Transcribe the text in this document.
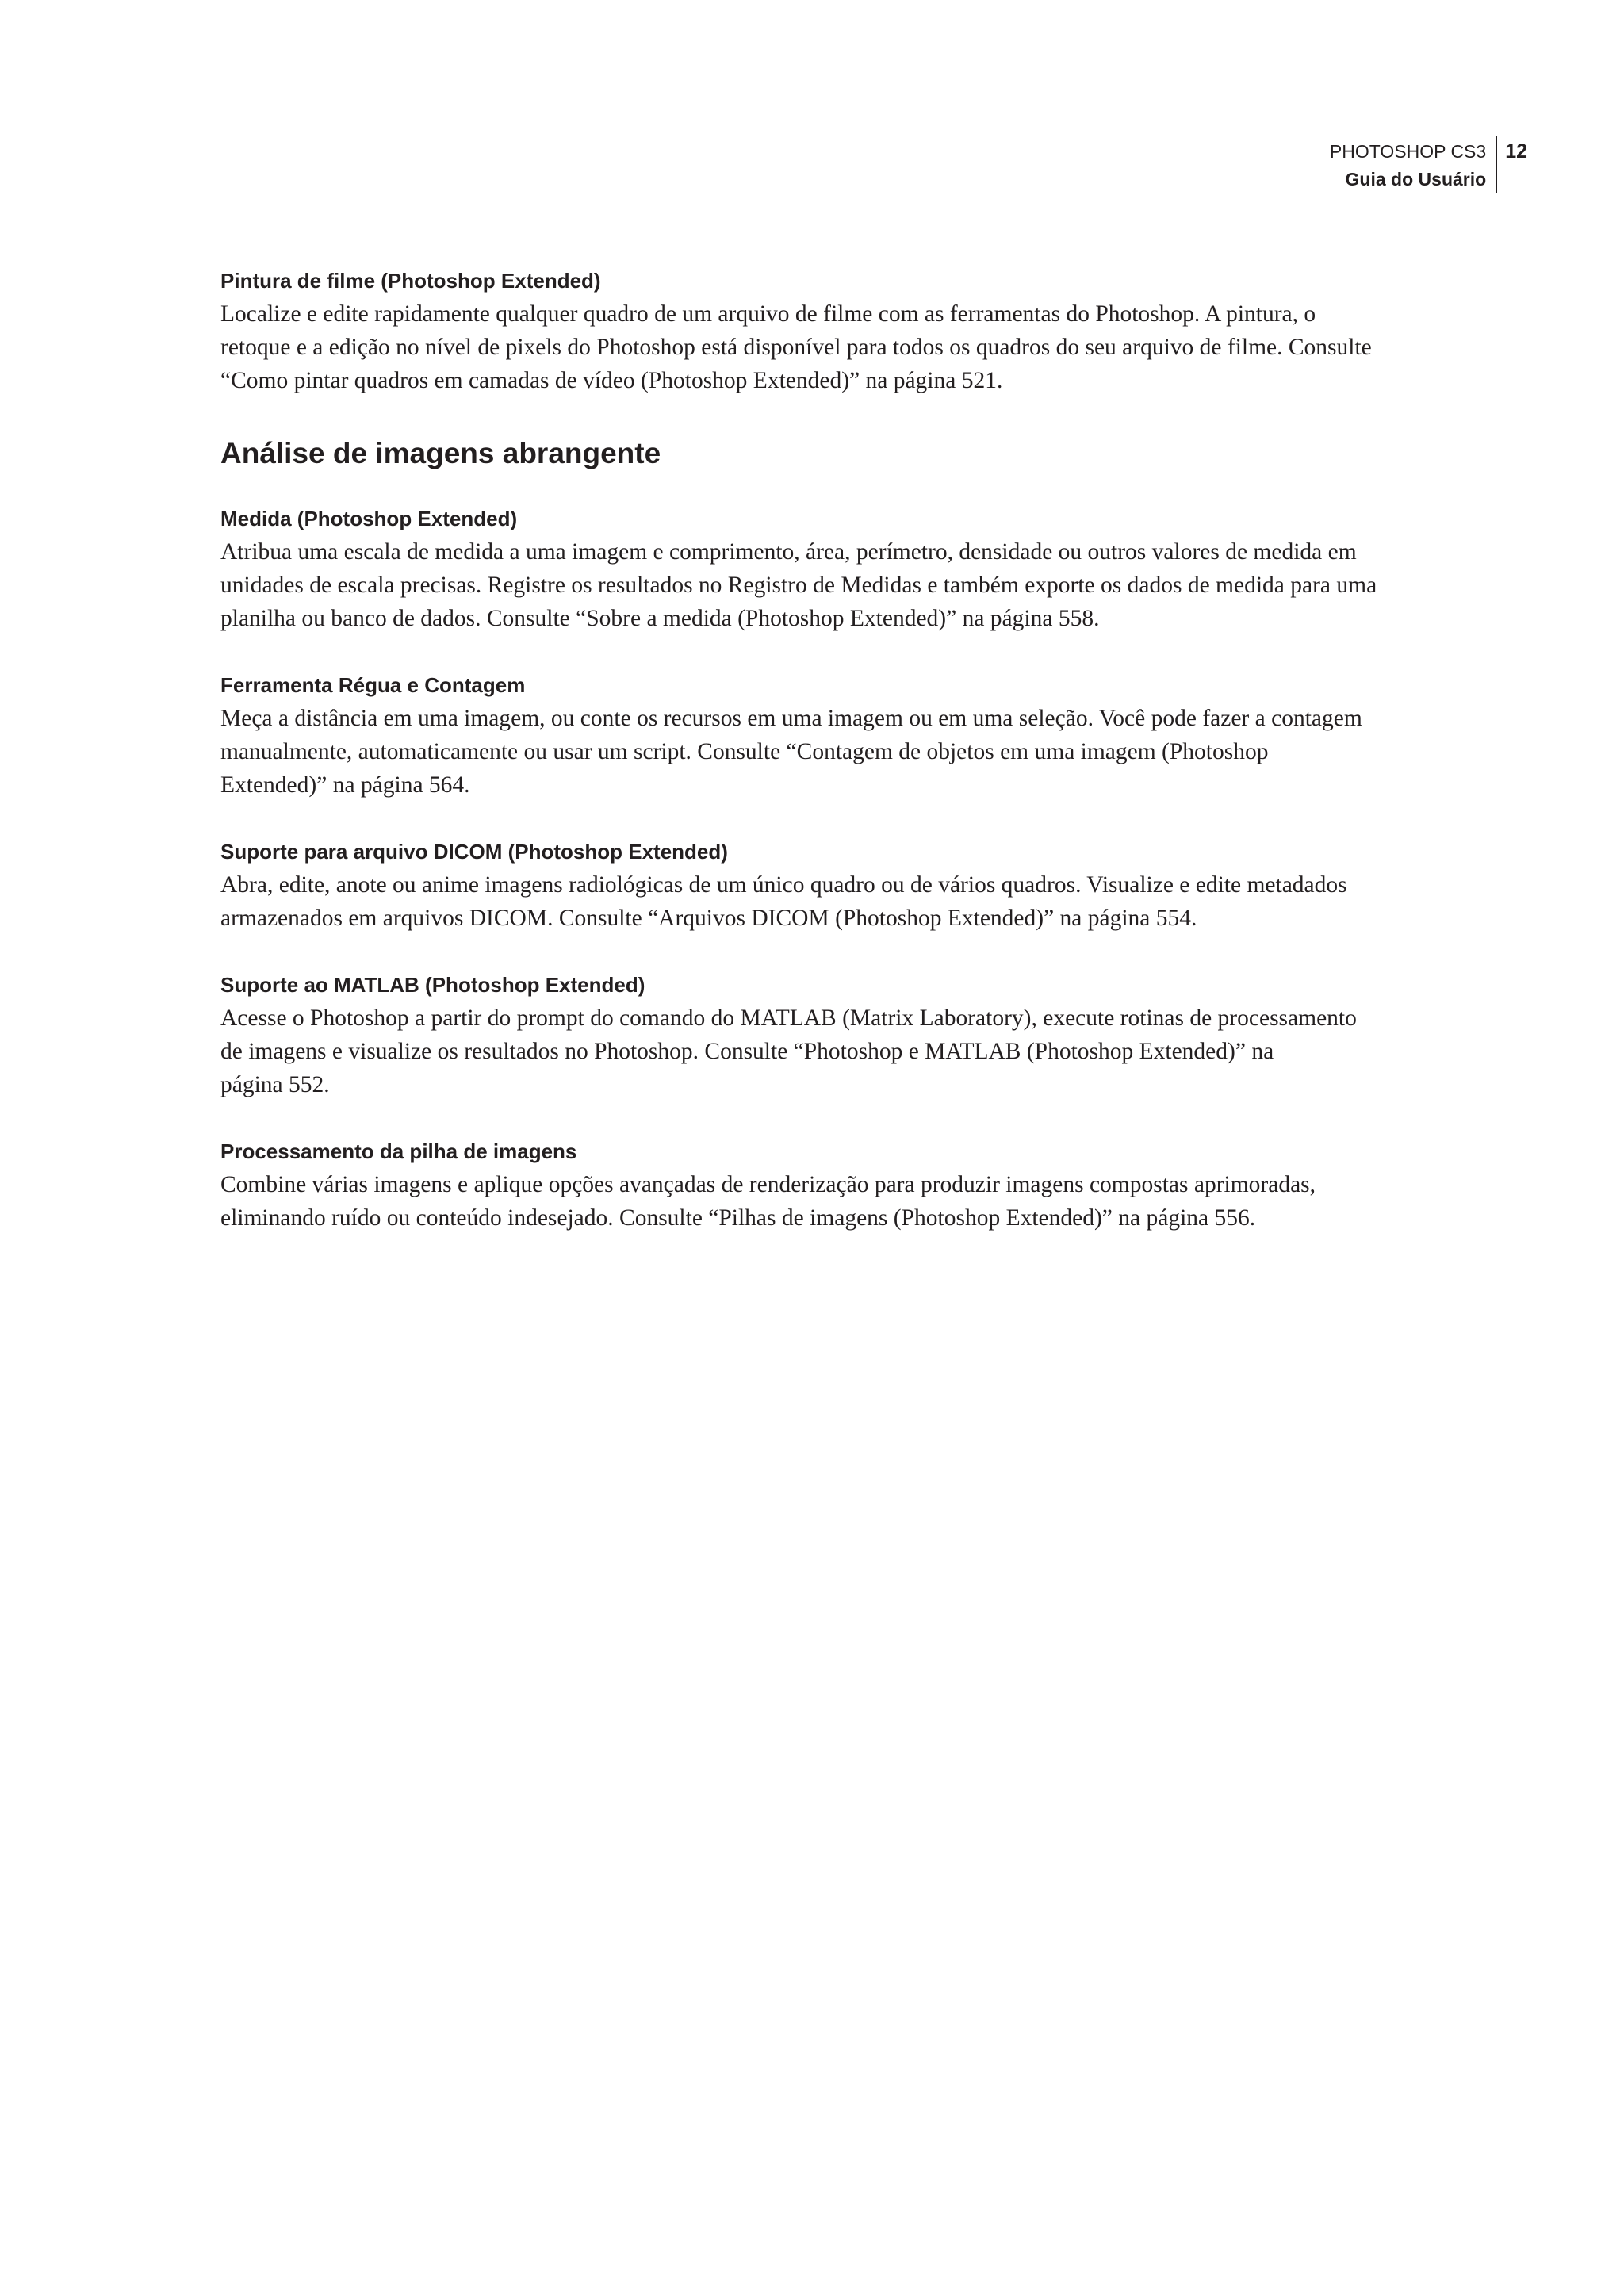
PHOTOSHOP CS3
Guia do Usuário
12

Pintura de filme (Photoshop Extended)

Localize e edite rapidamente qualquer quadro de um arquivo de filme com as ferramentas do Photoshop. A pintura, o
retoque e a edição no nível de pixels do Photoshop está disponível para todos os quadros do seu arquivo de filme. Consulte
“Como pintar quadros em camadas de vídeo (Photoshop Extended)” na página 521.

Análise de imagens abrangente

Medida (Photoshop Extended)

Atribua uma escala de medida a uma imagem e comprimento, área, perímetro, densidade ou outros valores de medida em
unidades de escala precisas. Registre os resultados no Registro de Medidas e também exporte os dados de medida para uma
planilha ou banco de dados. Consulte “Sobre a medida (Photoshop Extended)” na página 558.

Ferramenta Régua e Contagem

Meça a distância em uma imagem, ou conte os recursos em uma imagem ou em uma seleção. Você pode fazer a contagem
manualmente, automaticamente ou usar um script. Consulte “Contagem de objetos em uma imagem (Photoshop
Extended)” na página 564.

Suporte para arquivo DICOM (Photoshop Extended)

Abra, edite, anote ou anime imagens radiológicas de um único quadro ou de vários quadros. Visualize e edite metadados
armazenados em arquivos DICOM. Consulte “Arquivos DICOM (Photoshop Extended)” na página 554.

Suporte ao MATLAB (Photoshop Extended)

Acesse o Photoshop a partir do prompt do comando do MATLAB (Matrix Laboratory), execute rotinas de processamento
de imagens e visualize os resultados no Photoshop. Consulte “Photoshop e MATLAB (Photoshop Extended)” na
página 552.

Processamento da pilha de imagens

Combine várias imagens e aplique opções avançadas de renderização para produzir imagens compostas aprimoradas,
eliminando ruído ou conteúdo indesejado. Consulte “Pilhas de imagens (Photoshop Extended)” na página 556.
